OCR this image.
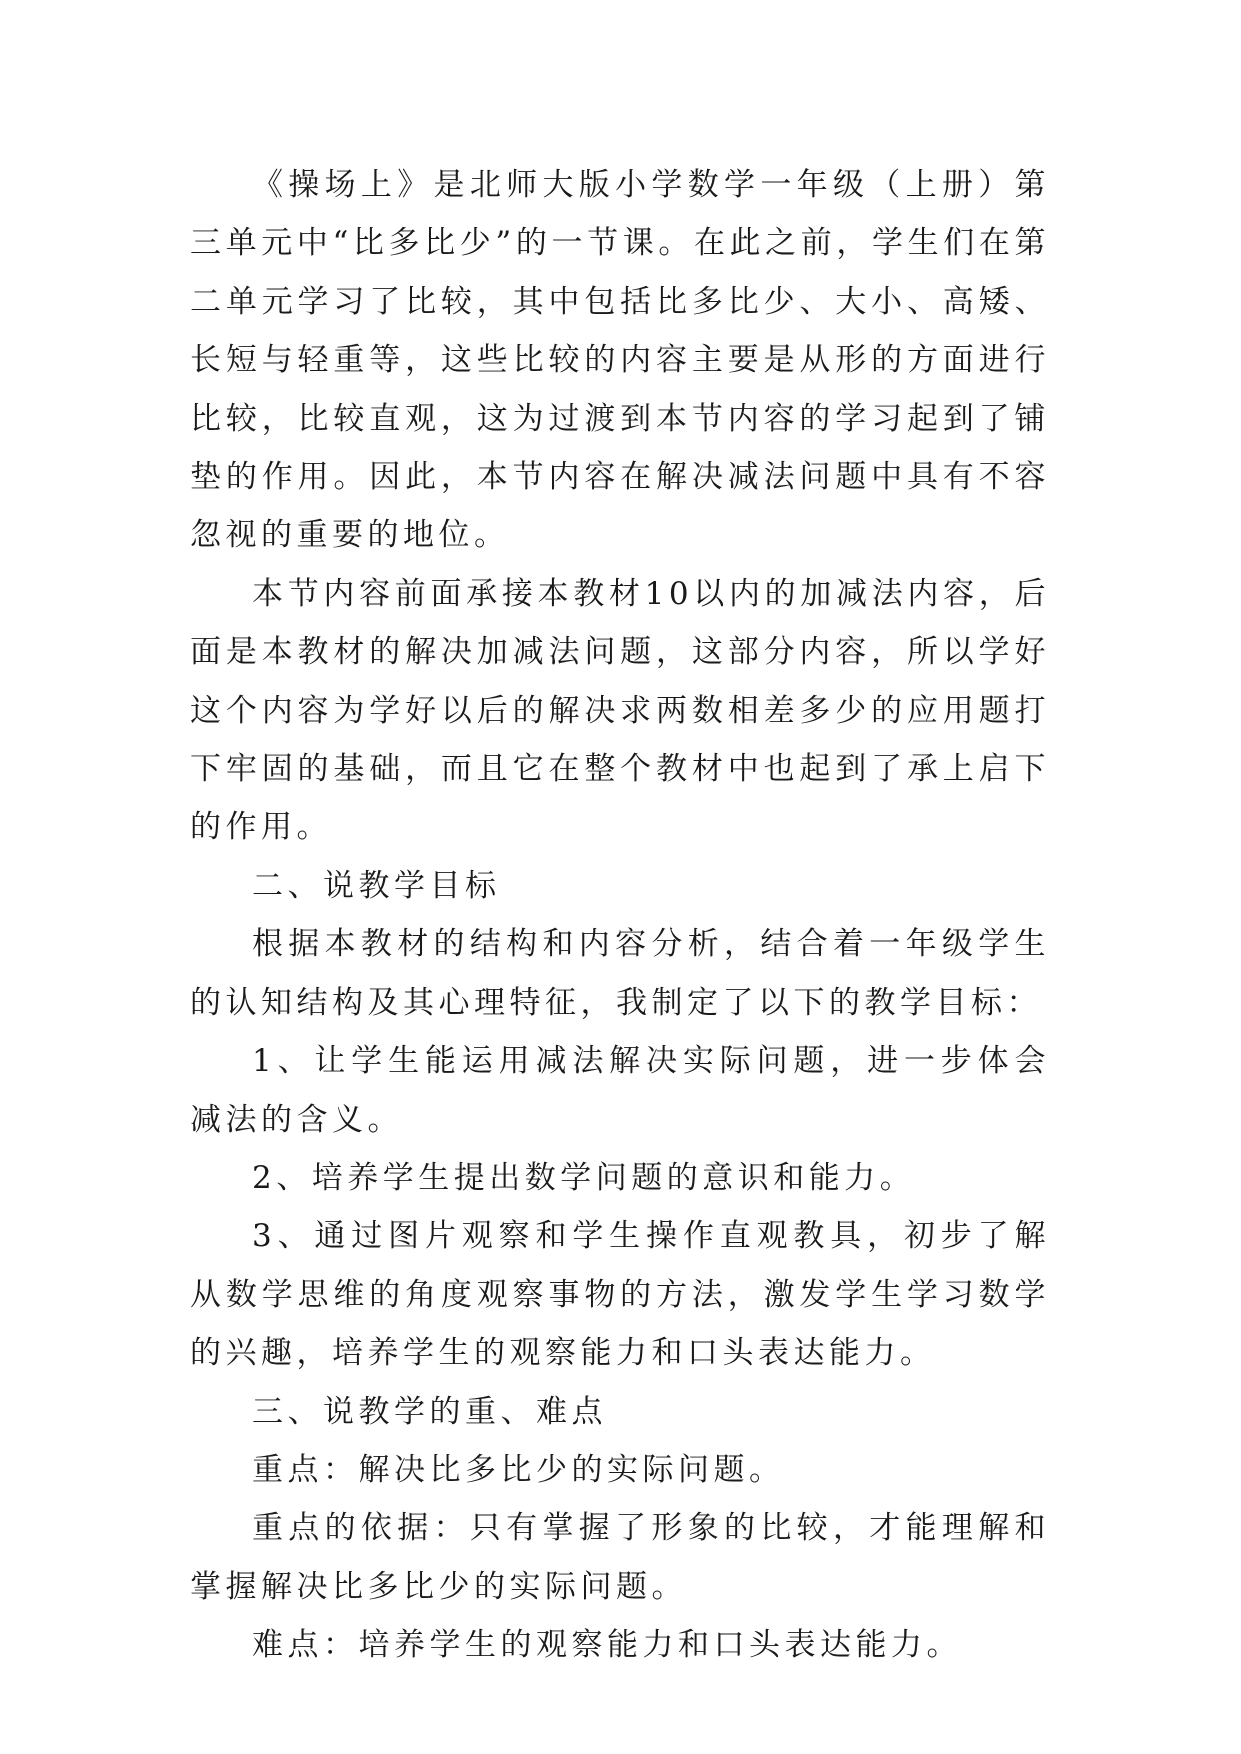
《操场上》是北师大版小学数学一年级（上册）第三单元中“比多比少”的一节课。在此之前，学生们在第二单元学习了比较，其中包括比多比少、大小、高矮、长短与轻重等，这些比较的内容主要是从形的方面进行比较，比较直观，这为过渡到本节内容的学习起到了铺垫的作用。因此，本节内容在解决减法问题中具有不容忽视的重要的地位。

本节内容前面承接本教材10以内的加减法内容，后面是本教材的解决加减法问题，这部分内容，所以学好这个内容为学好以后的解决求两数相差多少的应用题打下牢固的基础，而且它在整个教材中也起到了承上启下的作用。

二、说教学目标

根据本教材的结构和内容分析，结合着一年级学生的认知结构及其心理特征，我制定了以下的教学目标：

1、让学生能运用减法解决实际问题，进一步体会减法的含义。

2、培养学生提出数学问题的意识和能力。

3、通过图片观察和学生操作直观教具，初步了解从数学思维的角度观察事物的方法，激发学生学习数学的兴趣，培养学生的观察能力和口头表达能力。

三、说教学的重、难点

重点：解决比多比少的实际问题。

重点的依据：只有掌握了形象的比较，才能理解和掌握解决比多比少的实际问题。

难点：培养学生的观察能力和口头表达能力。
